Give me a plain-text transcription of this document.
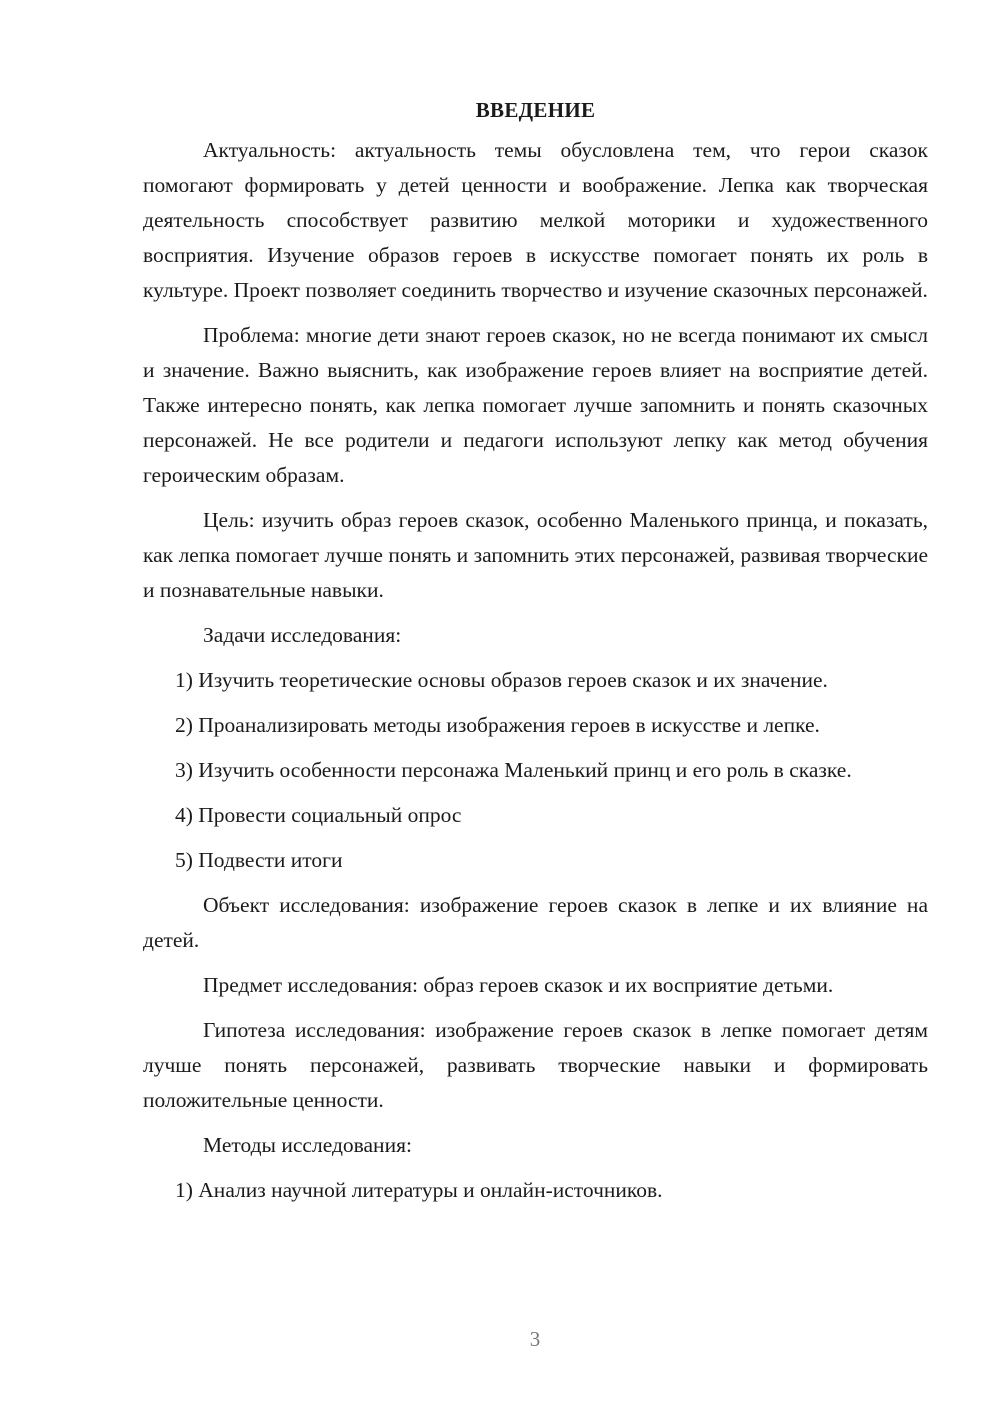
ВВЕДЕНИЕ

Актуальность: актуальность темы обусловлена тем, что герои сказок помогают формировать у детей ценности и воображение. Лепка как творческая деятельность способствует развитию мелкой моторики и художественного восприятия. Изучение образов героев в искусстве помогает понять их роль в культуре. Проект позволяет соединить творчество и изучение сказочных персонажей.

Проблема: многие дети знают героев сказок, но не всегда понимают их смысл и значение. Важно выяснить, как изображение героев влияет на восприятие детей. Также интересно понять, как лепка помогает лучше запомнить и понять сказочных персонажей. Не все родители и педагоги используют лепку как метод обучения героическим образам.

Цель: изучить образ героев сказок, особенно Маленького принца, и показать, как лепка помогает лучше понять и запомнить этих персонажей, развивая творческие и познавательные навыки.

Задачи исследования:

1) Изучить теоретические основы образов героев сказок и их значение.

2) Проанализировать методы изображения героев в искусстве и лепке.

3) Изучить особенности персонажа Маленький принц и его роль в сказке.

4) Провести социальный опрос

5) Подвести итоги

Объект исследования: изображение героев сказок в лепке и их влияние на детей.

Предмет исследования: образ героев сказок и их восприятие детьми.

Гипотеза исследования: изображение героев сказок в лепке помогает детям лучше понять персонажей, развивать творческие навыки и формировать положительные ценности.

Методы исследования:

1) Анализ научной литературы и онлайн-источников.

3
